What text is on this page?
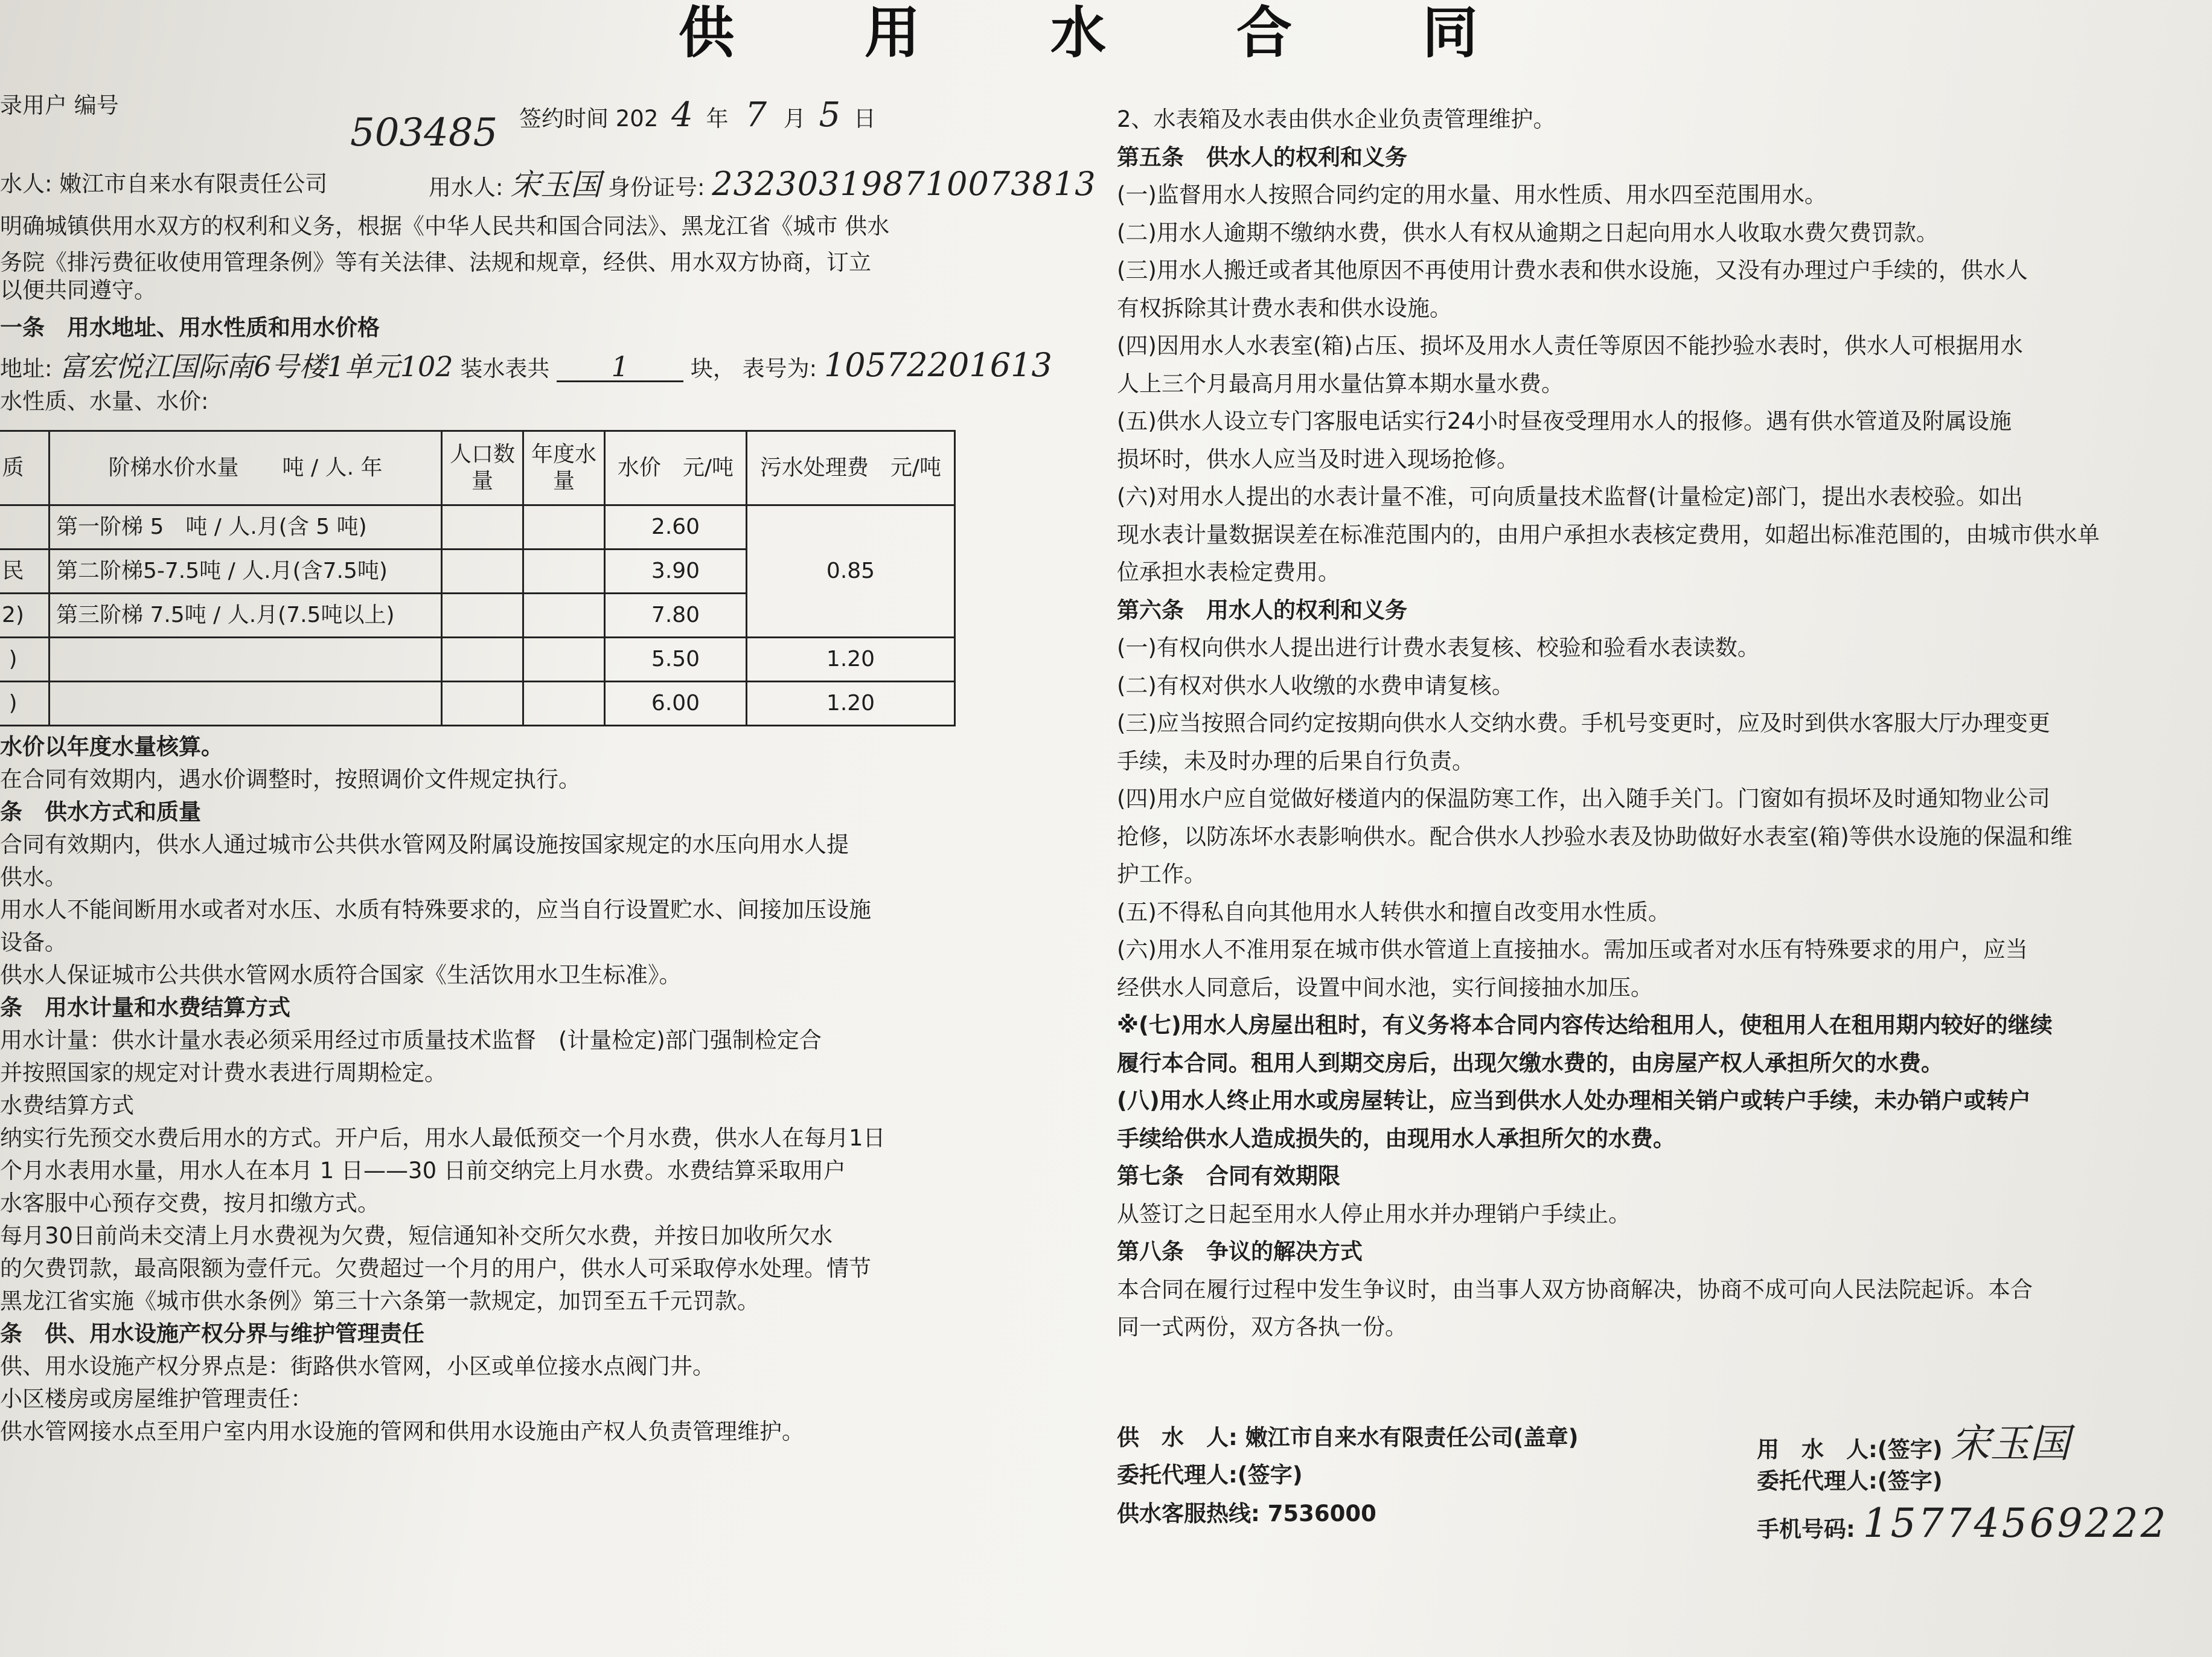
供 用 水 合 同
录用户 编号
503485 签约时间 202 4 年 7 月 5 日
水人: 嫩江市自来水有限责任公司	用水人: 宋玉国 身份证号: 232303198710073813
明确城镇供用水双方的权利和义务，根据《中华人民共和国合同法》、黑龙江省《城市 供水
务院《排污费征收使用管理条例》等有关法律、法规和规章，经供、用水双方协商，订立
以便共同遵守。
一条　用水地址、用水性质和用水价格
地址: 富宏悦江国际南6号楼1单元102 装水表共 1	块， 表号为: 10572201613
水性质、水量、水价:
质	阶梯水价水量　　吨 / 人. 年	人口数量	年度水量	水价　元/吨	污水处理费　元/吨
	第一阶梯 5　吨 / 人.月(含 5 吨)			2.60	0.85
民	第二阶梯5-7.5吨 / 人.月(含7.5吨)			3.90	
2)	第三阶梯 7.5吨 / 人.月(7.5吨以上)			7.80	
)				5.50	1.20
)				6.00	1.20
水价以年度水量核算。
在合同有效期内，遇水价调整时，按照调价文件规定执行。
条　供水方式和质量
合同有效期内，供水人通过城市公共供水管网及附属设施按国家规定的水压向用水人提
供水。
用水人不能间断用水或者对水压、水质有特殊要求的，应当自行设置贮水、间接加压设施
设备。
供水人保证城市公共供水管网水质符合国家《生活饮用水卫生标准》。
条　用水计量和水费结算方式
用水计量：供水计量水表必须采用经过市质量技术监督　(计量检定)部门强制检定合
并按照国家的规定对计费水表进行周期检定。
水费结算方式
纳实行先预交水费后用水的方式。开户后，用水人最低预交一个月水费，供水人在每月1日
个月水表用水量，用水人在本月 1 日——30 日前交纳完上月水费。水费结算采取用户
水客服中心预存交费，按月扣缴方式。
每月30日前尚未交清上月水费视为欠费，短信通知补交所欠水费，并按日加收所欠水
的欠费罚款，最高限额为壹仟元。欠费超过一个月的用户，供水人可采取停水处理。情节
黑龙江省实施《城市供水条例》第三十六条第一款规定，加罚至五千元罚款。
条　供、用水设施产权分界与维护管理责任
供、用水设施产权分界点是：街路供水管网，小区或单位接水点阀门井。
小区楼房或房屋维护管理责任：
供水管网接水点至用户室内用水设施的管网和供用水设施由产权人负责管理维护。
2、水表箱及水表由供水企业负责管理维护。
第五条　供水人的权利和义务
(一)监督用水人按照合同约定的用水量、用水性质、用水四至范围用水。
(二)用水人逾期不缴纳水费，供水人有权从逾期之日起向用水人收取水费欠费罚款。
(三)用水人搬迁或者其他原因不再使用计费水表和供水设施，又没有办理过户手续的，供水人
有权拆除其计费水表和供水设施。
(四)因用水人水表室(箱)占压、损坏及用水人责任等原因不能抄验水表时，供水人可根据用水
人上三个月最高月用水量估算本期水量水费。
(五)供水人设立专门客服电话实行24小时昼夜受理用水人的报修。遇有供水管道及附属设施
损坏时，供水人应当及时进入现场抢修。
(六)对用水人提出的水表计量不准，可向质量技术监督(计量检定)部门，提出水表校验。如出
现水表计量数据误差在标准范围内的，由用户承担水表核定费用，如超出标准范围的，由城市供水单
位承担水表检定费用。
第六条　用水人的权利和义务
(一)有权向供水人提出进行计费水表复核、校验和验看水表读数。
(二)有权对供水人收缴的水费申请复核。
(三)应当按照合同约定按期向供水人交纳水费。手机号变更时，应及时到供水客服大厅办理变更
手续，未及时办理的后果自行负责。
(四)用水户应自觉做好楼道内的保温防寒工作，出入随手关门。门窗如有损坏及时通知物业公司
抢修，以防冻坏水表影响供水。配合供水人抄验水表及协助做好水表室(箱)等供水设施的保温和维
护工作。
(五)不得私自向其他用水人转供水和擅自改变用水性质。
(六)用水人不准用泵在城市供水管道上直接抽水。需加压或者对水压有特殊要求的用户，应当
经供水人同意后，设置中间水池，实行间接抽水加压。
※(七)用水人房屋出租时，有义务将本合同内容传达给租用人，使租用人在租用期内较好的继续
履行本合同。租用人到期交房后，出现欠缴水费的，由房屋产权人承担所欠的水费。
(八)用水人终止用水或房屋转让，应当到供水人处办理相关销户或转户手续，未办销户或转户
手续给供水人造成损失的，由现用水人承担所欠的水费。
第七条　合同有效期限
从签订之日起至用水人停止用水并办理销户手续止。
第八条　争议的解决方式
本合同在履行过程中发生争议时，由当事人双方协商解决，协商不成可向人民法院起诉。本合
同一式两份，双方各执一份。
供　水　人: 嫩江市自来水有限责任公司(盖章)
委托代理人:(签字)
供水客服热线: 7536000
用　水　人:(签字) 宋玉国
委托代理人:(签字)
手机号码: 15774569222
